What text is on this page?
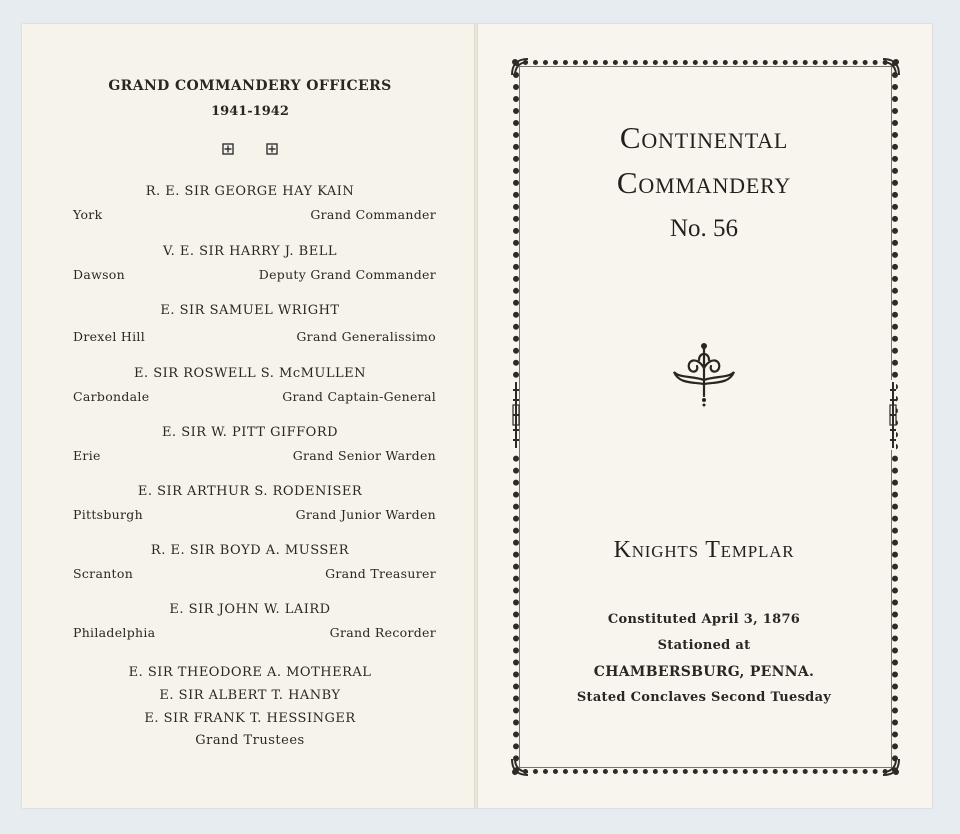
GRAND COMMANDERY OFFICERS
1941-1942

R. E. SIR GEORGE HAY KAIN
York	Grand Commander
V. E. SIR HARRY J. BELL
Dawson	Deputy Grand Commander
E. SIR SAMUEL WRIGHT
Drexel Hill	Grand Generalissimo
E. SIR ROSWELL S. McMULLEN
Carbondale	Grand Captain-General
E. SIR W. PITT GIFFORD
Erie	Grand Senior Warden
E. SIR ARTHUR S. RODENISER
Pittsburgh	Grand Junior Warden
R. E. SIR BOYD A. MUSSER
Scranton	Grand Treasurer
E. SIR JOHN W. LAIRD
Philadelphia	Grand Recorder
E. SIR THEODORE A. MOTHERAL
E. SIR ALBERT T. HANBY
E. SIR FRANK T. HESSINGER
Grand Trustees
Continental
Commandery
No. 56
Knights Templar
Constituted April 3, 1876
Stationed at
CHAMBERSBURG, PENNA.
Stated Conclaves Second Tuesday
